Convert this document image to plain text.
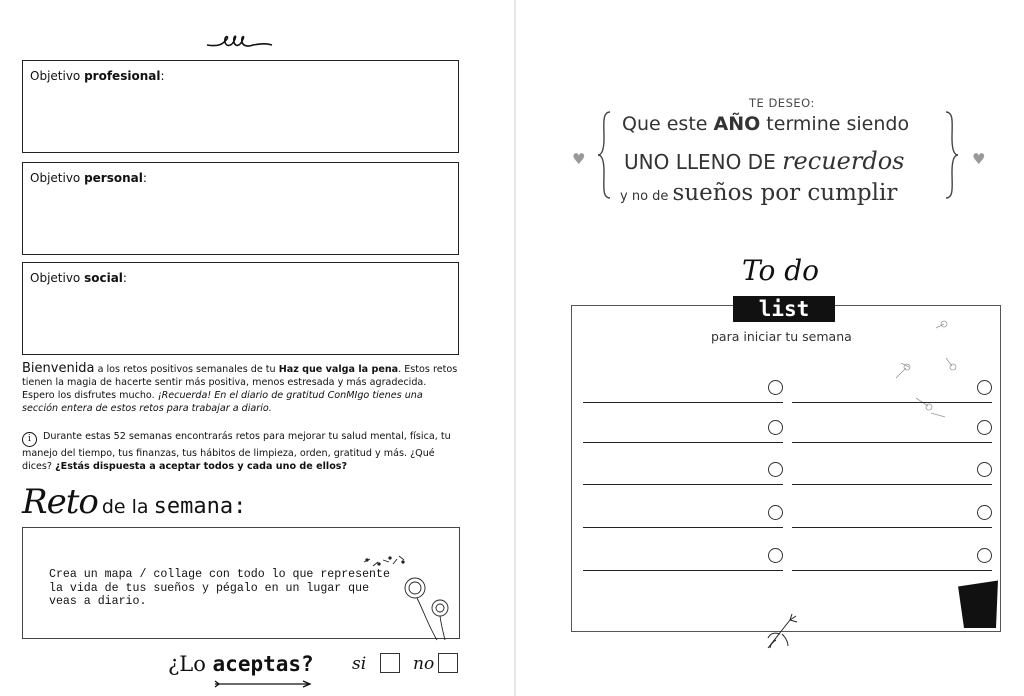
Objetivo profesional:
Objetivo personal:
Objetivo social:
Bienvenida a los retos positivos semanales de tu Haz que valga la pena. Estos retos tienen la magia de hacerte sentir más positiva, menos estresada y más agradecida. Espero los disfrutes mucho. ¡Recuerda! En el diario de gratitud ConMIgo tienes una sección entera de estos retos para trabajar a diario.
i Durante estas 52 semanas encontrarás retos para mejorar tu salud mental, física, tu manejo del tiempo, tus finanzas, tus hábitos de limpieza, orden, gratitud y más. ¿Qué dices? ¿Estás dispuesta a aceptar todos y cada uno de ellos?
Reto de la semana:
Crea un mapa / collage con todo lo que represente la vida de tus sueños y pégalo en un lugar que veas a diario.
¿Lo aceptas? si	no
TE DESEO:
♥	♥
Que este AÑO termine siendo
UNO LLENO DE recuerdos
y no de sueños por cumplir
To do
list
para iniciar tu semana
